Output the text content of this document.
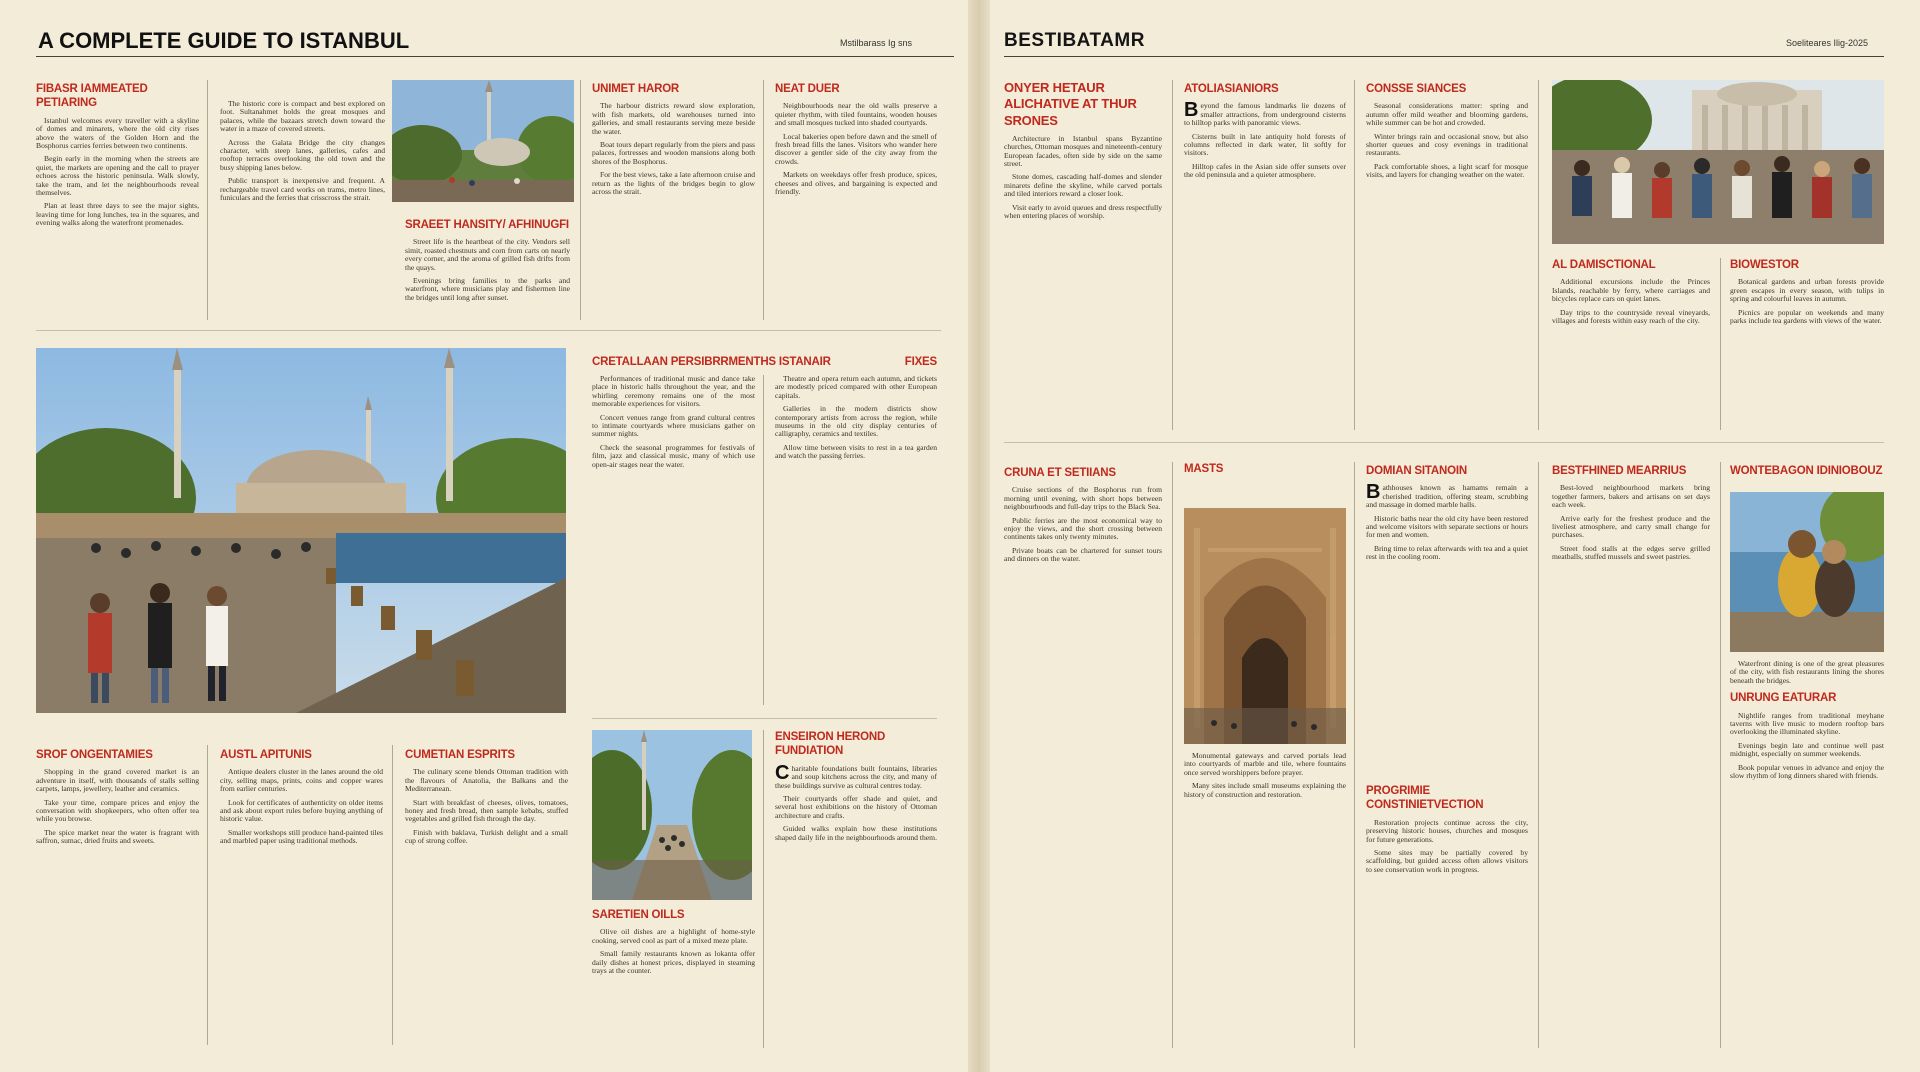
A COMPLETE GUIDE TO ISTANBUL	Mstilbarass Ig sns
FIBASR IAMMEATED PETIARING

Istanbul welcomes every traveller with a skyline of domes and minarets, where the old city rises above the waters of the Golden Horn and the Bosphorus carries ferries between two continents.

Begin early in the morning when the streets are quiet, the markets are opening and the call to prayer echoes across the historic peninsula. Walk slowly, take the tram, and let the neighbourhoods reveal themselves.

Plan at least three days to see the major sights, leaving time for long lunches, tea in the squares, and evening walks along the waterfront promenades.

The historic core is compact and best explored on foot. Sultanahmet holds the great mosques and palaces, while the bazaars stretch down toward the water in a maze of covered streets.

Across the Galata Bridge the city changes character, with steep lanes, galleries, cafes and rooftop terraces overlooking the old town and the busy shipping lanes below.

Public transport is inexpensive and frequent. A rechargeable travel card works on trams, metro lines, funiculars and the ferries that crisscross the strait.

SRAEET HANSITY/ AFHINUGFI

Street life is the heartbeat of the city. Vendors sell simit, roasted chestnuts and corn from carts on nearly every corner, and the aroma of grilled fish drifts from the quays.

Evenings bring families to the parks and waterfront, where musicians play and fishermen line the bridges until long after sunset.

UNIMET HAROR

The harbour districts reward slow exploration, with fish markets, old warehouses turned into galleries, and small restaurants serving meze beside the water.

Boat tours depart regularly from the piers and pass palaces, fortresses and wooden mansions along both shores of the Bosphorus.

For the best views, take a late afternoon cruise and return as the lights of the bridges begin to glow across the strait.

NEAT DUER

Neighbourhoods near the old walls preserve a quieter rhythm, with tiled fountains, wooden houses and small mosques tucked into shaded courtyards.

Local bakeries open before dawn and the smell of fresh bread fills the lanes. Visitors who wander here discover a gentler side of the city away from the crowds.

Markets on weekdays offer fresh produce, spices, cheeses and olives, and bargaining is expected and friendly.

CRETALLAAN PERSIBRRMENTHS ISTANAIR	FIXES

Performances of traditional music and dance take place in historic halls throughout the year, and the whirling ceremony remains one of the most memorable experiences for visitors.

Concert venues range from grand cultural centres to intimate courtyards where musicians gather on summer nights.

Check the seasonal programmes for festivals of film, jazz and classical music, many of which use open-air stages near the water.

Theatre and opera return each autumn, and tickets are modestly priced compared with other European capitals.

Galleries in the modern districts show contemporary artists from across the region, while museums in the old city display centuries of calligraphy, ceramics and textiles.

Allow time between visits to rest in a tea garden and watch the passing ferries.

SROF ONGENTAMIES

Shopping in the grand covered market is an adventure in itself, with thousands of stalls selling carpets, lamps, jewellery, leather and ceramics.

Take your time, compare prices and enjoy the conversation with shopkeepers, who often offer tea while you browse.

The spice market near the water is fragrant with saffron, sumac, dried fruits and sweets.

AUSTL APITUNIS

Antique dealers cluster in the lanes around the old city, selling maps, prints, coins and copper wares from earlier centuries.

Look for certificates of authenticity on older items and ask about export rules before buying anything of historic value.

Smaller workshops still produce hand-painted tiles and marbled paper using traditional methods.

CUMETIAN ESPRITS

The culinary scene blends Ottoman tradition with the flavours of Anatolia, the Balkans and the Mediterranean.

Start with breakfast of cheeses, olives, tomatoes, honey and fresh bread, then sample kebabs, stuffed vegetables and grilled fish through the day.

Finish with baklava, Turkish delight and a small cup of strong coffee.

SARETIEN OILLS

Olive oil dishes are a highlight of home-style cooking, served cool as part of a mixed meze plate.

Small family restaurants known as lokanta offer daily dishes at honest prices, displayed in steaming trays at the counter.

ENSEIRON HEROND FUNDIATION

Charitable foundations built fountains, libraries and soup kitchens across the city, and many of these buildings survive as cultural centres today.

Their courtyards offer shade and quiet, and several host exhibitions on the history of Ottoman architecture and crafts.

Guided walks explain how these institutions shaped daily life in the neighbourhoods around them.

BESTIBATAMR	Soeliteares Ilig-2025
ONYER HETAUR ALICHATIVE AT THUR SRONES

Architecture in Istanbul spans Byzantine churches, Ottoman mosques and nineteenth-century European facades, often side by side on the same street.

Stone domes, cascading half-domes and slender minarets define the skyline, while carved portals and tiled interiors reward a closer look.

Visit early to avoid queues and dress respectfully when entering places of worship.

ATOLIASIANIORS

Beyond the famous landmarks lie dozens of smaller attractions, from underground cisterns to hilltop parks with panoramic views.

Cisterns built in late antiquity hold forests of columns reflected in dark water, lit softly for visitors.

Hilltop cafes in the Asian side offer sunsets over the old peninsula and a quieter atmosphere.

CONSSE SIANCES

Seasonal considerations matter: spring and autumn offer mild weather and blooming gardens, while summer can be hot and crowded.

Winter brings rain and occasional snow, but also shorter queues and cosy evenings in traditional restaurants.

Pack comfortable shoes, a light scarf for mosque visits, and layers for changing weather on the water.

AL DAMISCTIONAL

Additional excursions include the Princes Islands, reachable by ferry, where carriages and bicycles replace cars on quiet lanes.

Day trips to the countryside reveal vineyards, villages and forests within easy reach of the city.

BIOWESTOR

Botanical gardens and urban forests provide green escapes in every season, with tulips in spring and colourful leaves in autumn.

Picnics are popular on weekends and many parks include tea gardens with views of the water.

CRUNA ET SETIIANS

Cruise sections of the Bosphorus run from morning until evening, with short hops between neighbourhoods and full-day trips to the Black Sea.

Public ferries are the most economical way to enjoy the views, and the short crossing between continents takes only twenty minutes.

Private boats can be chartered for sunset tours and dinners on the water.

MASTS

Monumental gateways and carved portals lead into courtyards of marble and tile, where fountains once served worshippers before prayer.

Many sites include small museums explaining the history of construction and restoration.

DOMIAN SITANOIN

Bathhouses known as hamams remain a cherished tradition, offering steam, scrubbing and massage in domed marble halls.

Historic baths near the old city have been restored and welcome visitors with separate sections or hours for men and women.

Bring time to relax afterwards with tea and a quiet rest in the cooling room.

PROGRIMIE CONSTINIETVECTION

Restoration projects continue across the city, preserving historic houses, churches and mosques for future generations.

Some sites may be partially covered by scaffolding, but guided access often allows visitors to see conservation work in progress.

BESTFHINED MEARRIUS

Best-loved neighbourhood markets bring together farmers, bakers and artisans on set days each week.

Arrive early for the freshest produce and the liveliest atmosphere, and carry small change for purchases.

Street food stalls at the edges serve grilled meatballs, stuffed mussels and sweet pastries.

WONTEBAGON IDINIOBOUZ

Waterfront dining is one of the great pleasures of the city, with fish restaurants lining the shores beneath the bridges.

UNRUNG EATURAR

Nightlife ranges from traditional meyhane taverns with live music to modern rooftop bars overlooking the illuminated skyline.

Evenings begin late and continue well past midnight, especially on summer weekends.

Book popular venues in advance and enjoy the slow rhythm of long dinners shared with friends.
